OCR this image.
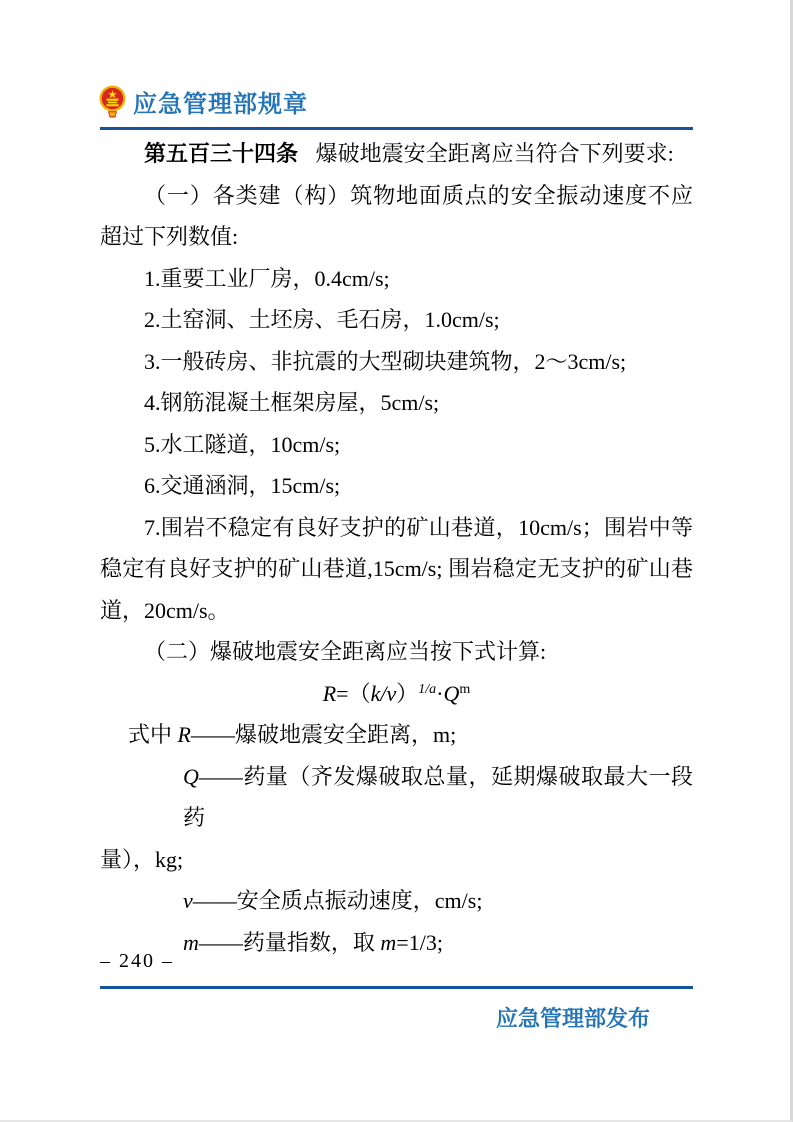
应急管理部规章

第五百三十四条 爆破地震安全距离应当符合下列要求:

（一）各类建（构）筑物地面质点的安全振动速度不应超过下列数值:

1.重要工业厂房，0.4cm/s;

2.土窑洞、土坯房、毛石房，1.0cm/s;

3.一般砖房、非抗震的大型砌块建筑物，2～3cm/s;

4.钢筋混凝土框架房屋，5cm/s;

5.水工隧道，10cm/s;

6.交通涵洞，15cm/s;

7.围岩不稳定有良好支护的矿山巷道，10cm/s；围岩中等稳定有良好支护的矿山巷道,15cm/s; 围岩稳定无支护的矿山巷道，20cm/s。

（二）爆破地震安全距离应当按下式计算:

$R=(k/v)^{1/a}\cdot Q^m$
式中 R——爆破地震安全距离，m;
Q——药量（齐发爆破取总量，延期爆破取最大一段药
量），kg;
v——安全质点振动速度，cm/s;
m——药量指数，取 m=1/3;
– 240 –
应急管理部发布
